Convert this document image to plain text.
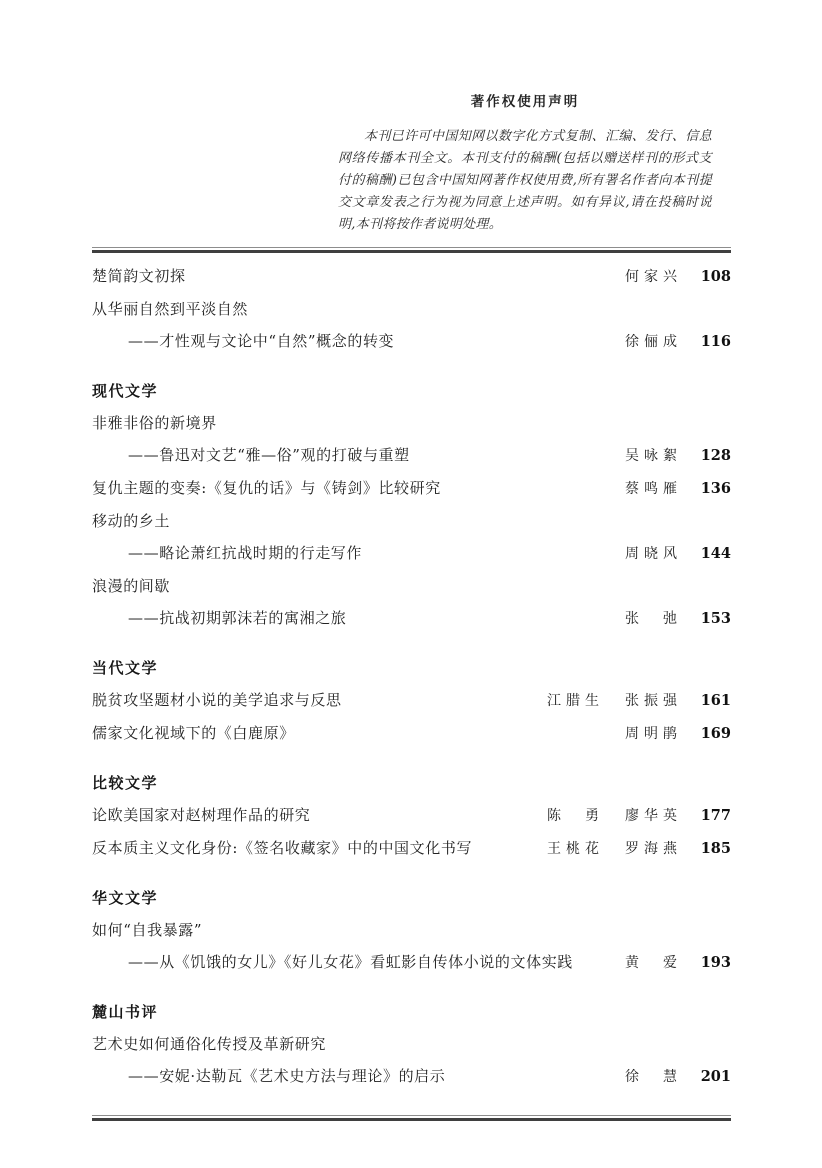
著作权使用声明

本刊已许可中国知网以数字化方式复制、汇编、发行、信息网络传播本刊全文。本刊支付的稿酬(包括以赠送样刊的形式支付的稿酬)已包含中国知网著作权使用费,所有署名作者向本刊提交文章发表之行为视为同意上述声明。如有异议,请在投稿时说明,本刊将按作者说明处理。

楚简韵文初探	何家兴 108
从华丽自然到平淡自然
——才性观与文论中“自然”概念的转变	徐俪成 116
现代文学
非雅非俗的新境界
——鲁迅对文艺“雅—俗”观的打破与重塑	吴咏絮 128
复仇主题的变奏:《复仇的话》与《铸剑》比较研究	蔡鸣雁 136
移动的乡土
——略论萧红抗战时期的行走写作	周晓风 144
浪漫的间歇
——抗战初期郭沫若的寓湘之旅	张 弛 153
当代文学
脱贫攻坚题材小说的美学追求与反思	江腊生 张振强 161
儒家文化视域下的《白鹿原》	周明鹃 169
比较文学
论欧美国家对赵树理作品的研究	陈 勇 廖华英 177
反本质主义文化身份:《签名收藏家》中的中国文化书写	王桃花 罗海燕 185
华文文学
如何“自我暴露”
——从《饥饿的女儿》《好儿女花》看虹影自传体小说的文体实践	黄 爱 193
麓山书评
艺术史如何通俗化传授及革新研究
——安妮·达勒瓦《艺术史方法与理论》的启示	徐 慧 201
